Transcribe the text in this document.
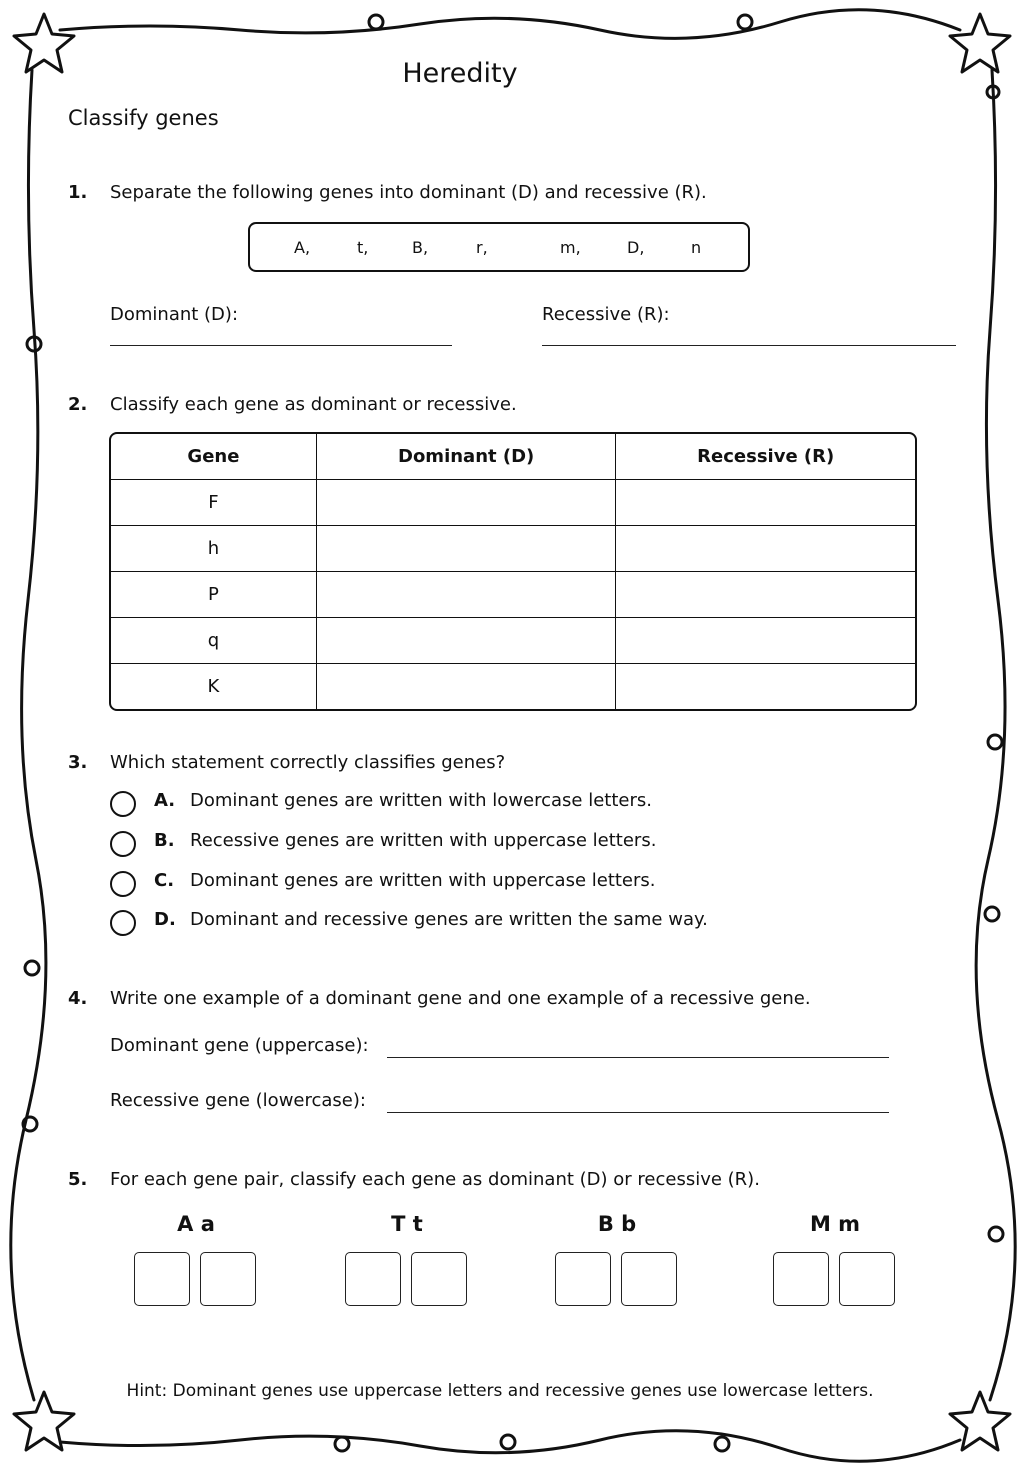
Heredity
Classify genes
1. Separate the following genes into dominant (D) and recessive (R).
A,	t,	B,	r,	m,	D,	n
Dominant (D):	Recessive (R):
2. Classify each gene as dominant or recessive.
Gene	Dominant (D)	Recessive (R)
F		
h		
P		
q		
K		
3. Which statement correctly classifies genes?
A. Dominant genes are written with lowercase letters.
B. Recessive genes are written with uppercase letters.
C. Dominant genes are written with uppercase letters.
D. Dominant and recessive genes are written the same way.
4. Write one example of a dominant gene and one example of a recessive gene.
Dominant gene (uppercase):
Recessive gene (lowercase):
5. For each gene pair, classify each gene as dominant (D) or recessive (R).
A a	T t	B b	M m
Hint: Dominant genes use uppercase letters and recessive genes use lowercase letters.
